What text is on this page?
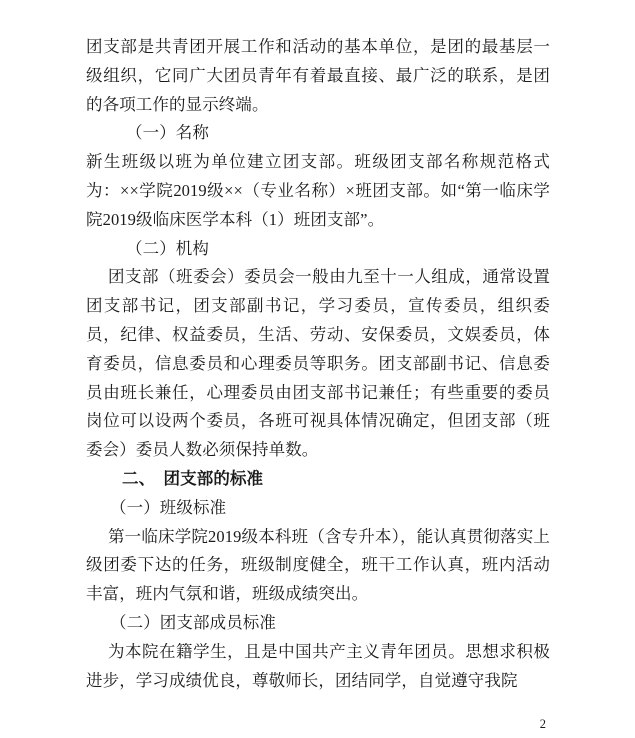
团支部是共青团开展工作和活动的基本单位，是团的最基层一级组织，它同广大团员青年有着最直接、最广泛的联系，是团的各项工作的显示终端。

（一）名称

新生班级以班为单位建立团支部。班级团支部名称规范格式为：××学院2019级××（专业名称）×班团支部。如“第一临床学院2019级临床医学本科（1）班团支部”。

（二）机构

团支部（班委会）委员会一般由九至十一人组成，通常设置团支部书记，团支部副书记，学习委员，宣传委员，组织委员，纪律、权益委员，生活、劳动、安保委员，文娱委员，体育委员，信息委员和心理委员等职务。团支部副书记、信息委员由班长兼任，心理委员由团支部书记兼任；有些重要的委员岗位可以设两个委员，各班可视具体情况确定，但团支部（班委会）委员人数必须保持单数。

二、　团支部的标准

（一）班级标准

第一临床学院2019级本科班（含专升本），能认真贯彻落实上级团委下达的任务，班级制度健全，班干工作认真，班内活动丰富，班内气氛和谐，班级成绩突出。

（二）团支部成员标准

为本院在籍学生，且是中国共产主义青年团员。思想求积极进步，学习成绩优良，尊敬师长，团结同学，自觉遵守我院

2
